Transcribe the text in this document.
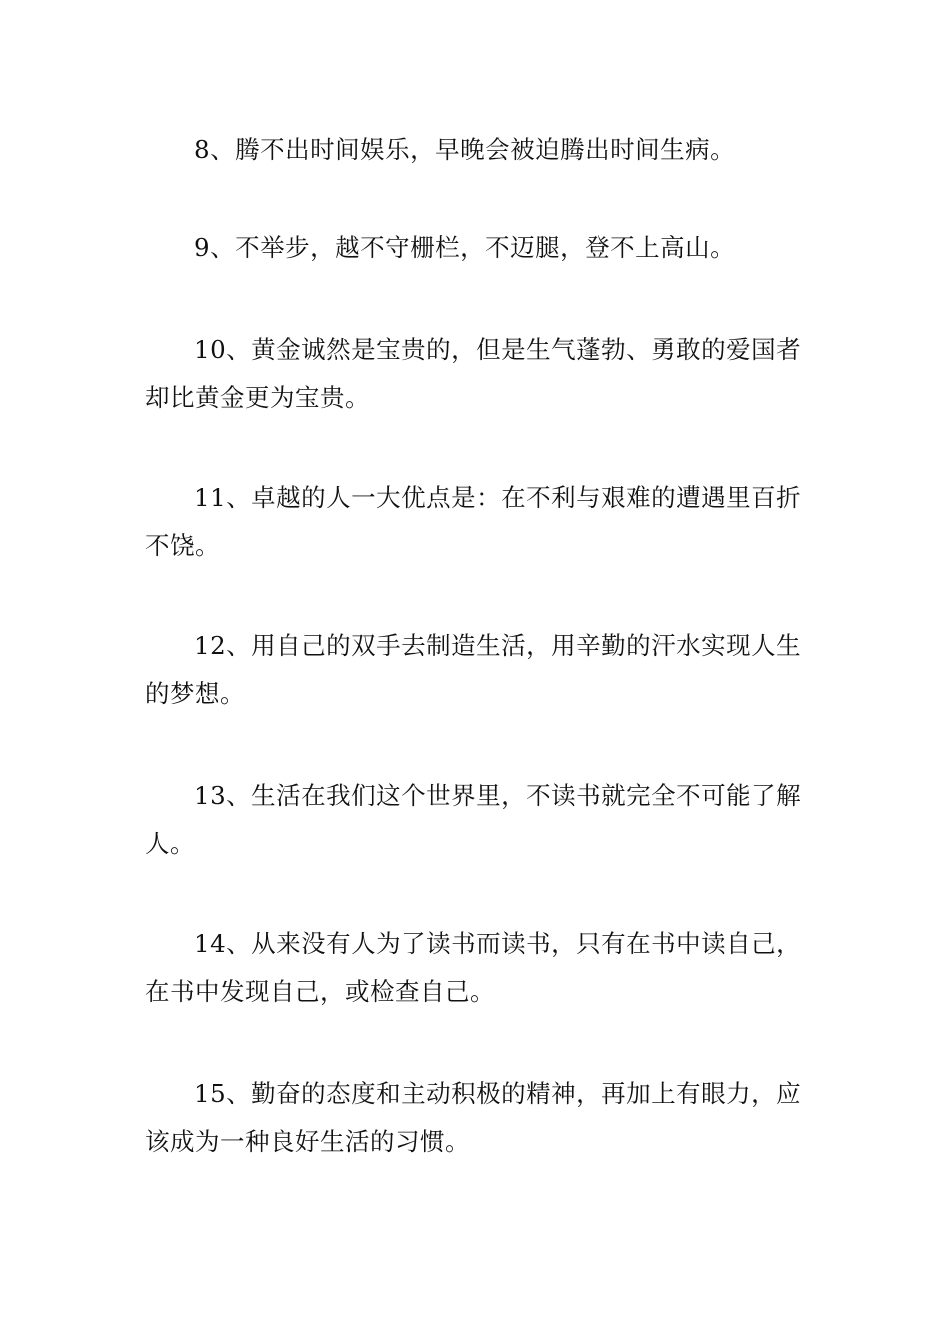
8、腾不出时间娱乐，早晚会被迫腾出时间生病。

9、不举步，越不守栅栏，不迈腿，登不上高山。

10、黄金诚然是宝贵的，但是生气蓬勃、勇敢的爱国者却比黄金更为宝贵。

11、卓越的人一大优点是：在不利与艰难的遭遇里百折不饶。

12、用自己的双手去制造生活，用辛勤的汗水实现人生的梦想。

13、生活在我们这个世界里，不读书就完全不可能了解人。

14、从来没有人为了读书而读书，只有在书中读自己，在书中发现自己，或检查自己。

15、勤奋的态度和主动积极的精神，再加上有眼力，应该成为一种良好生活的习惯。
